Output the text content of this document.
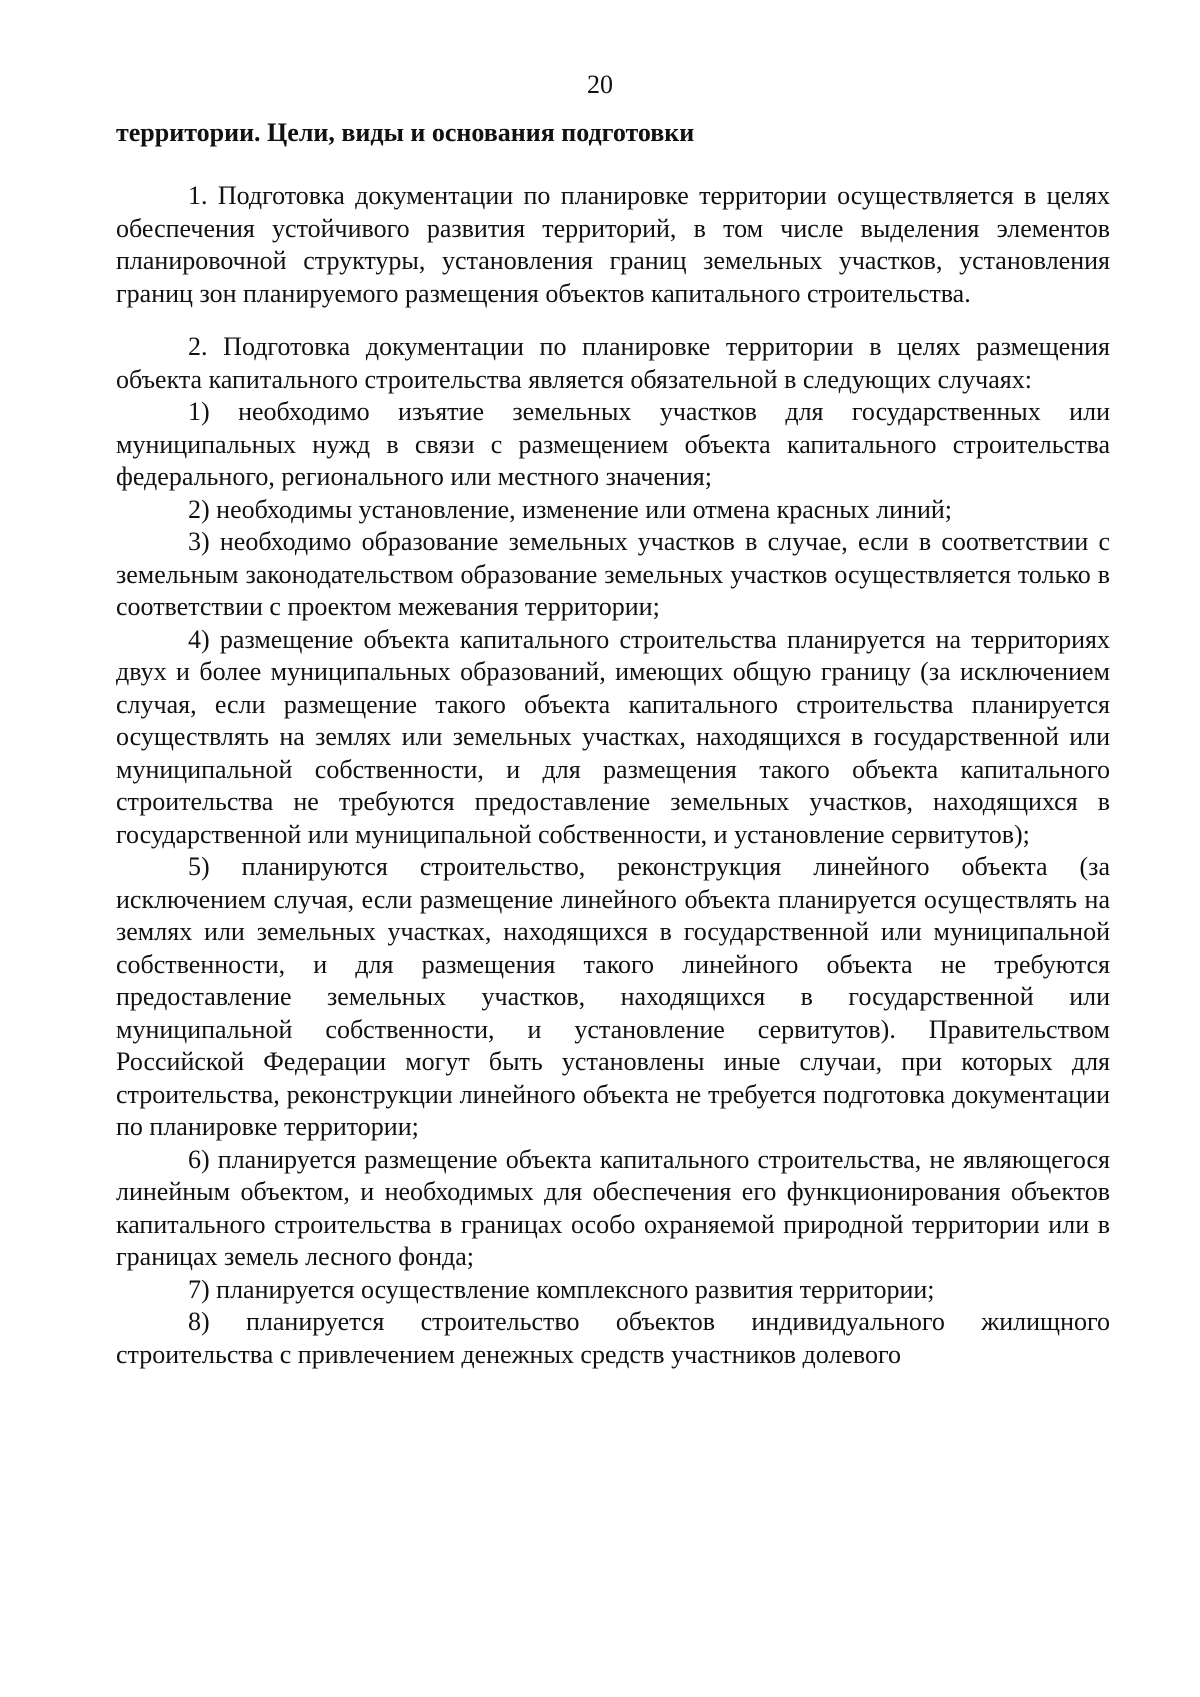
20
территории. Цели, виды и основания подготовки

1. Подготовка документации по планировке территории осуществляется в целях обеспечения устойчивого развития территорий, в том числе выделения элементов планировочной структуры, установления границ земельных участков, установления границ зон планируемого размещения объектов капитального строительства.

2. Подготовка документации по планировке территории в целях размещения объекта капитального строительства является обязательной в следующих случаях:

1) необходимо изъятие земельных участков для государственных или муниципальных нужд в связи с размещением объекта капитального строительства федерального, регионального или местного значения;

2) необходимы установление, изменение или отмена красных линий;

3) необходимо образование земельных участков в случае, если в соответствии с земельным законодательством образование земельных участков осуществляется только в соответствии с проектом межевания территории;

4) размещение объекта капитального строительства планируется на территориях двух и более муниципальных образований, имеющих общую границу (за исключением случая, если размещение такого объекта капитального строительства планируется осуществлять на землях или земельных участках, находящихся в государственной или муниципальной собственности, и для размещения такого объекта капитального строительства не требуются предоставление земельных участков, находящихся в государственной или муниципальной собственности, и установление сервитутов);

5) планируются строительство, реконструкция линейного объекта (за исключением случая, если размещение линейного объекта планируется осуществлять на землях или земельных участках, находящихся в государственной или муниципальной собственности, и для размещения такого линейного объекта не требуются предоставление земельных участков, находящихся в государственной или муниципальной собственности, и установление сервитутов). Правительством Российской Федерации могут быть установлены иные случаи, при которых для строительства, реконструкции линейного объекта не требуется подготовка документации по планировке территории;

6) планируется размещение объекта капитального строительства, не являющегося линейным объектом, и необходимых для обеспечения его функционирования объектов капитального строительства в границах особо охраняемой природной территории или в границах земель лесного фонда;

7) планируется осуществление комплексного развития территории;

8) планируется строительство объектов индивидуального жилищного строительства с привлечением денежных средств участников долевого
